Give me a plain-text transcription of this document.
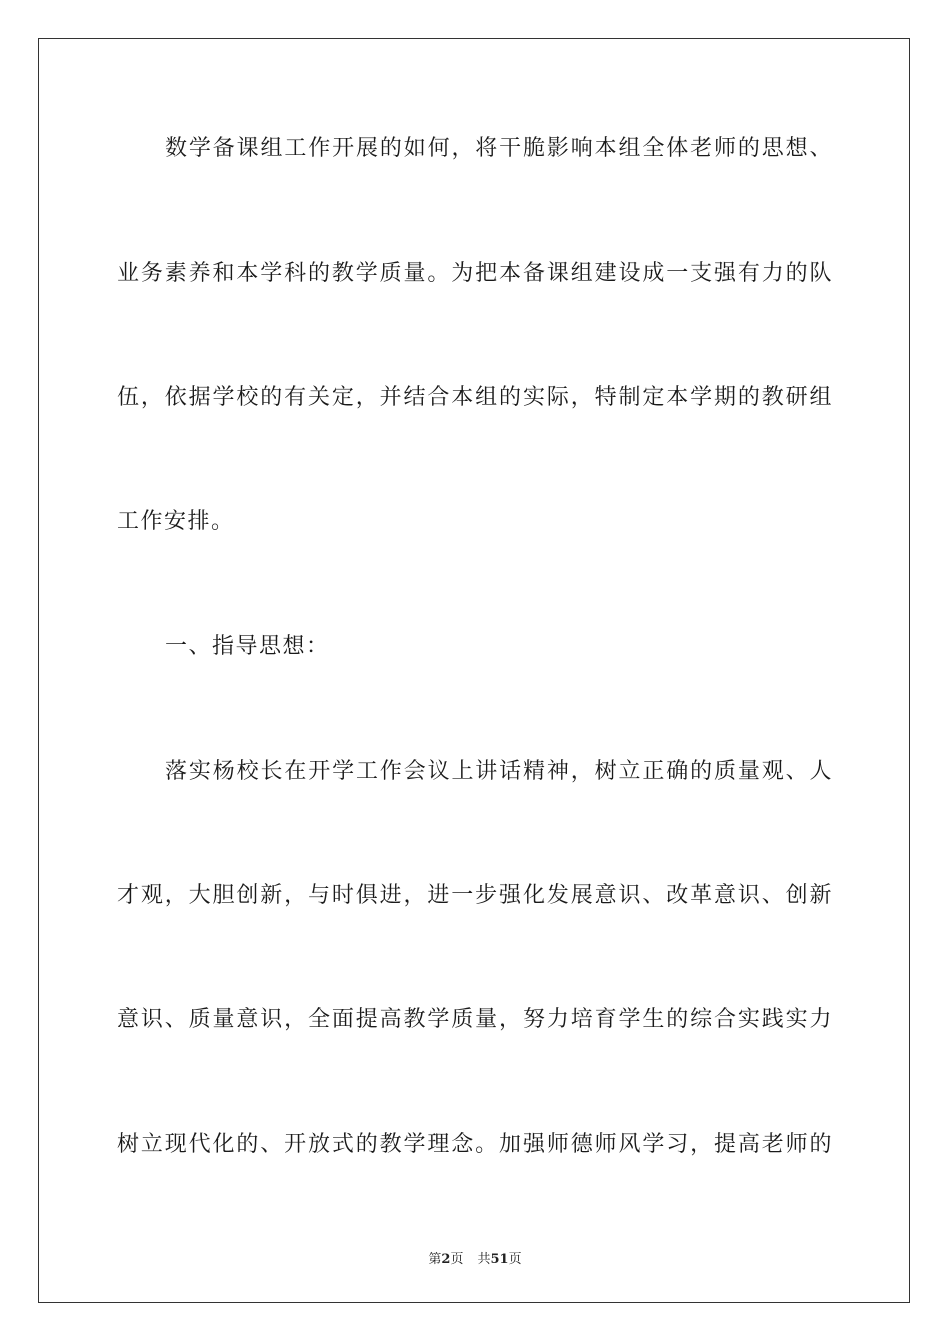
数学备课组工作开展的如何，将干脆影响本组全体老师的思想、
业务素养和本学科的教学质量。为把本备课组建设成一支强有力的队
伍，依据学校的有关定，并结合本组的实际，特制定本学期的教研组
工作安排。
一、指导思想：
落实杨校长在开学工作会议上讲话精神，树立正确的质量观、人
才观，大胆创新，与时俱进，进一步强化发展意识、改革意识、创新
意识、质量意识，全面提高教学质量，努力培育学生的综合实践实力
树立现代化的、开放式的教学理念。加强师德师风学习，提高老师的
第2页 共51页
